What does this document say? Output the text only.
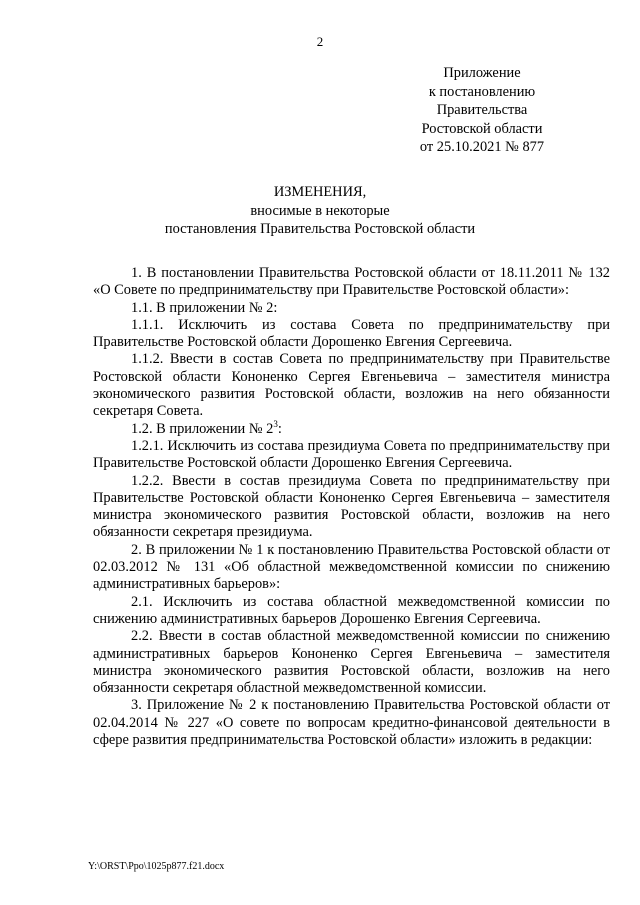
2
Приложение
к постановлению
Правительства
Ростовской области
от 25.10.2021 № 877
ИЗМЕНЕНИЯ,
вносимые в некоторые
постановления Правительства Ростовской области

1. В постановлении Правительства Ростовской области от 18.11.2011 № 132 «О Совете по предпринимательству при Правительстве Ростовской области»:

1.1. В приложении № 2:

1.1.1. Исключить из состава Совета по предпринимательству при Правительстве Ростовской области Дорошенко Евгения Сергеевича.

1.1.2. Ввести в состав Совета по предпринимательству при Правительстве Ростовской области Кононенко Сергея Евгеньевича – заместителя министра экономического развития Ростовской области, возложив на него обязанности секретаря Совета.

1.2. В приложении № $2^3$:

1.2.1. Исключить из состава президиума Совета по предпринимательству при Правительстве Ростовской области Дорошенко Евгения Сергеевича.

1.2.2. Ввести в состав президиума Совета по предпринимательству при Правительстве Ростовской области Кононенко Сергея Евгеньевича – заместителя министра экономического развития Ростовской области, возложив на него обязанности секретаря президиума.

2. В приложении № 1 к постановлению Правительства Ростовской области от 02.03.2012 № 131 «Об областной межведомственной комиссии по снижению административных барьеров»:

2.1. Исключить из состава областной межведомственной комиссии по снижению административных барьеров Дорошенко Евгения Сергеевича.

2.2. Ввести в состав областной межведомственной комиссии по снижению административных барьеров Кононенко Сергея Евгеньевича – заместителя министра экономического развития Ростовской области, возложив на него обязанности секретаря областной межведомственной комиссии.

3. Приложение № 2 к постановлению Правительства Ростовской области от 02.04.2014 № 227 «О совете по вопросам кредитно-финансовой деятельности в сфере развития предпринимательства Ростовской области» изложить в редакции:

Y:\ORST\Ppo\1025p877.f21.docx
